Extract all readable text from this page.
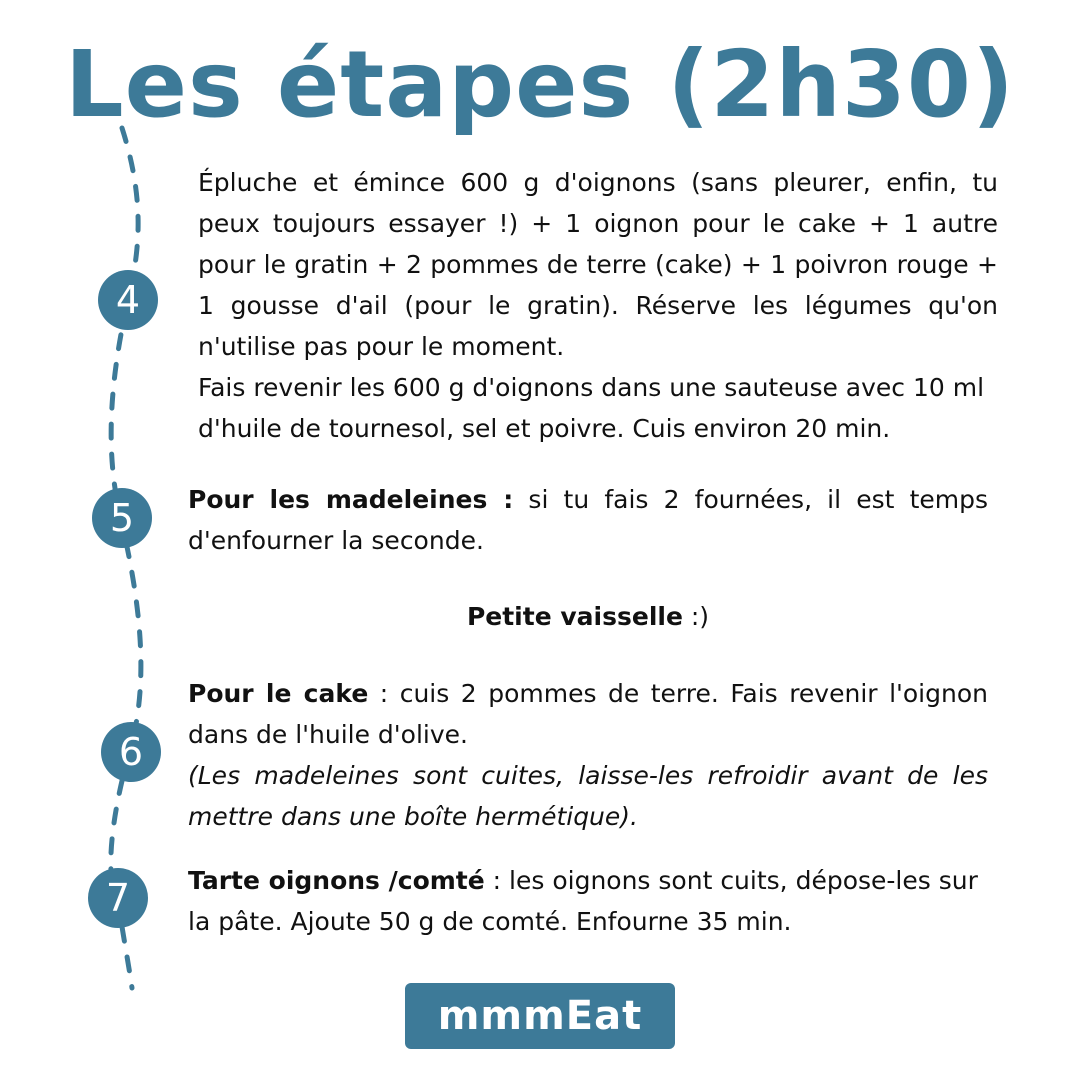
Les étapes (2h30)
4
5
6
7

Épluche et émince 600 g d'oignons (sans pleurer, enfin, tu peux toujours essayer !) + 1 oignon pour le cake + 1 autre pour le gratin + 2 pommes de terre (cake) + 1 poivron rouge + 1 gousse d'ail (pour le gratin). Réserve les légumes qu'on n'utilise pas pour le moment.

Fais revenir les 600 g d'oignons dans une sauteuse avec 10 ml d'huile de tournesol, sel et poivre. Cuis environ 20 min.

Pour les madeleines : si tu fais 2 fournées, il est temps d'enfourner la seconde.

Petite vaisselle :)

Pour le cake : cuis 2 pommes de terre. Fais revenir l'oignon dans de l'huile d'olive.

(Les madeleines sont cuites, laisse-les refroidir avant de les mettre dans une boîte hermétique).

Tarte oignons /comté : les oignons sont cuits, dépose-les sur la pâte. Ajoute 50 g de comté. Enfourne 35 min.

mmmEat
